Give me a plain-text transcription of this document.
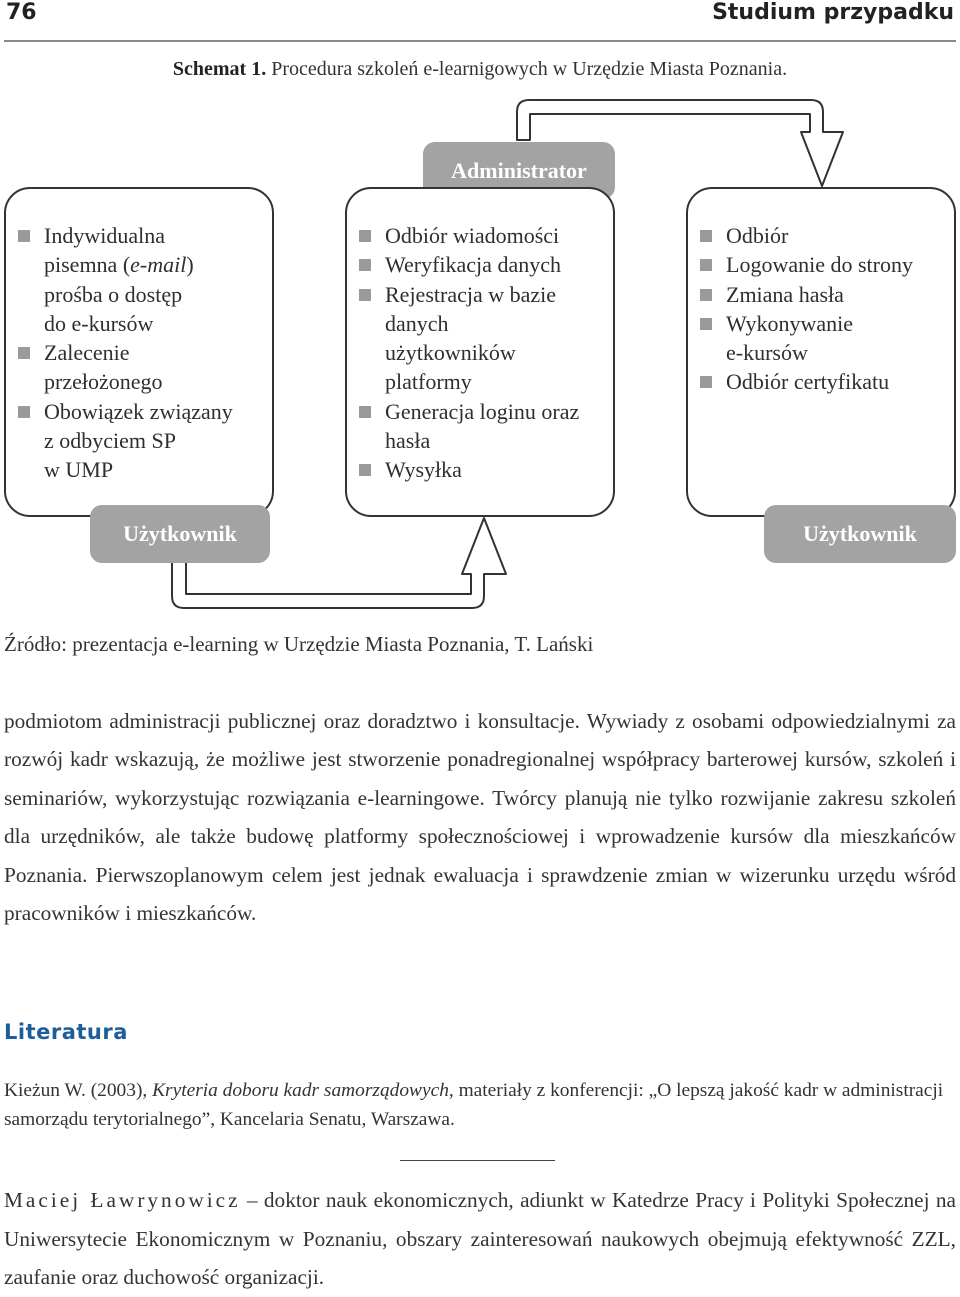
76	Studium przypadku
Schemat 1. Procedura szkoleń e-learnigowych w Urzędzie Miasta Poznania.
Administrator
Indywidualna
pisemna (e-mail)
prośba o dostęp
do e-kursów
Zalecenie
przełożonego
Obowiązek związany
z odbyciem SP
w UMP
Odbiór wiadomości
Weryfikacja danych
Rejestracja w bazie
danych
użytkowników
platformy
Generacja loginu oraz
hasła
Wysyłka
Odbiór
Logowanie do strony
Zmiana hasła
Wykonywanie
e-kursów
Odbiór certyfikatu
Użytkownik	Użytkownik
Źródło: prezentacja e-learning w Urzędzie Miasta Poznania, T. Lański
podmiotom administracji publicznej oraz doradztwo i konsultacje. Wywiady z osobami odpowiedzialnymi za rozwój kadr wskazują, że możliwe jest stworzenie ponadregionalnej współpracy barterowej kursów, szkoleń i seminariów, wykorzystując rozwiązania e-learningowe. Twórcy planują nie tylko rozwijanie zakresu szkoleń dla urzędników, ale także budowę platformy społecznościowej i wprowadzenie kursów dla mieszkańców Poznania. Pierwszoplanowym celem jest jednak ewaluacja i sprawdzenie zmian w wizerunku urzędu wśród pracowników i mieszkańców.
Literatura
Kieżun W. (2003), Kryteria doboru kadr samorządowych, materiały z konferencji: „O lepszą jakość kadr w administracji samorządu terytorialnego”, Kancelaria Senatu, Warszawa.
Maciej Ławrynowicz – doktor nauk ekonomicznych, adiunkt w Katedrze Pracy i Polityki Społecznej na Uniwersytecie Ekonomicznym w Poznaniu, obszary zainteresowań naukowych obejmują efektywność ZZL, zaufanie oraz duchowość organizacji.
